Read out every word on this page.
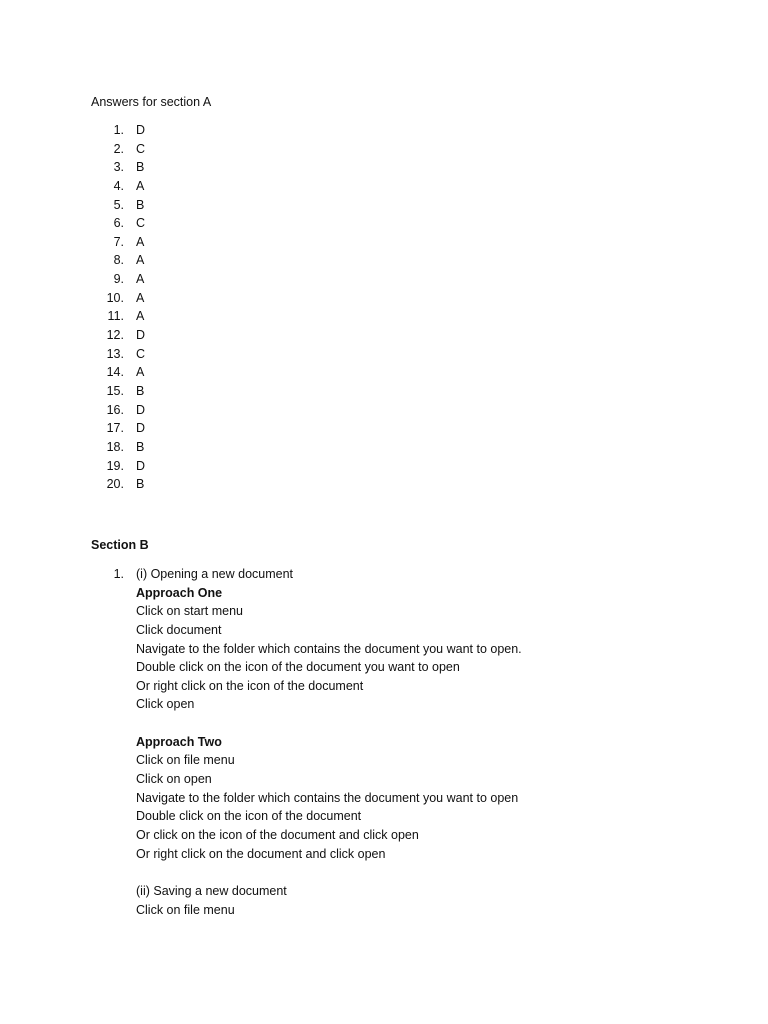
Answers for section A
1. D
2. C
3. B
4. A
5. B
6. C
7. A
8. A
9. A
10. A
11. A
12. D
13. C
14. A
15. B
16. D
17. D
18. B
19. D
20. B
Section B
1. (i) Opening a new document
Approach One
Click on start menu
Click document
Navigate to the folder which contains the document you want to open.
Double click on the icon of the document you want to open
Or right click on the icon of the document
Click open
Approach Two
Click on file menu
Click on open
Navigate to the folder which contains the document you want to open
Double click on the icon of the document
Or click on the icon of the document and click open
Or right click on the document and click open
(ii) Saving a new document
Click on file menu
